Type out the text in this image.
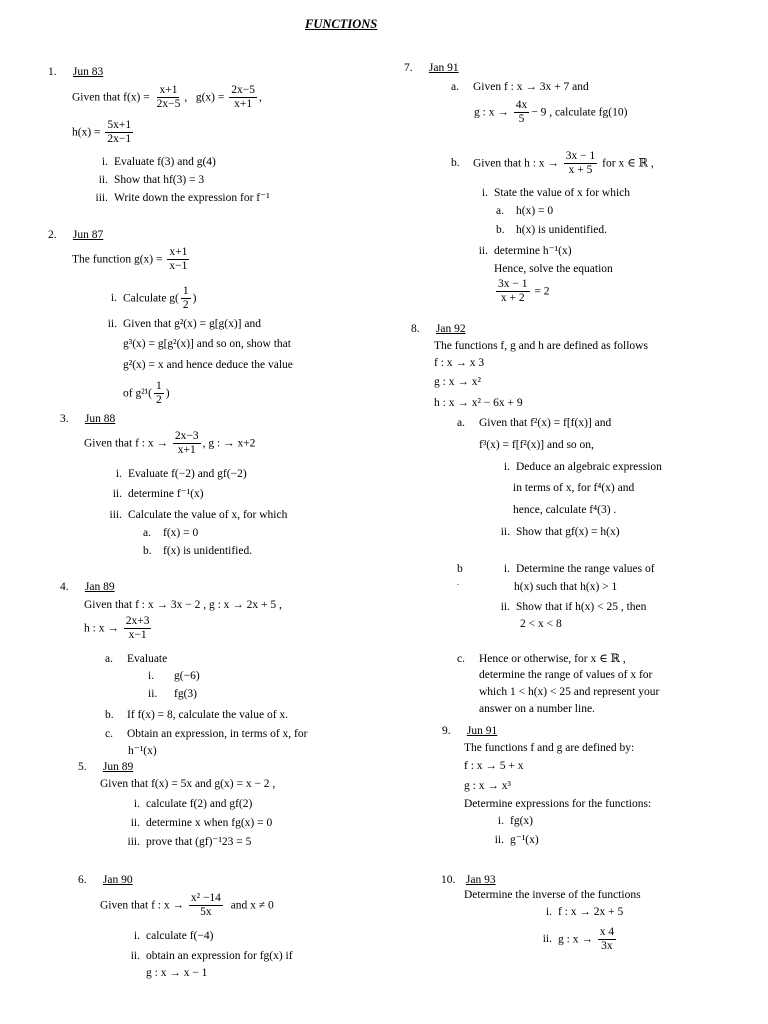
FUNCTIONS
1. Jun 83
Given that $f(x) = \frac{x+1}{2x-5}$ , $g(x) = \frac{2x-5}{x+1}$ ,
$h(x) = \frac{5x+1}{2x-1}$
i. Evaluate f(3) and g(4)
ii. Show that hf(3) = 3
iii. Write down the expression for f⁻¹
2. Jun 87
The function $g(x) = \frac{x+1}{x-1}$
i. Calculate $g( \frac{1}{2}$ )
ii. Given that g²(x) = g[g(x)] and
g³(x) = g[g²(x)] and so on, show that
g²(x) = x and hence deduce the value
of $g^{21}( \frac{1}{2}$ )
3. Jun 88
Given that f : $x \to \frac{2x-3}{x+1}$ , g : → x+2
i. Evaluate f(−2) and gf(−2)
ii. determine f⁻¹(x)
iii. Calculate the value of x, for which
a. f(x) = 0
b. f(x) is unidentified.
4. Jan 89
Given that f : x → 3x − 2 , g : x → 2x + 5 ,
h : $x \to \frac{2x+3}{x-1}$
a. Evaluate
i. g(−6)
ii. fg(3)
b. If f(x) = 8, calculate the value of x.
c. Obtain an expression, in terms of x, for
h⁻¹(x)
5. Jun 89
Given that f(x) = 5x and g(x) = x − 2 ,
i. calculate f(2) and gf(2)
ii. determine x when fg(x) = 0
iii. prove that (gf)⁻¹23 = 5
6. Jan 90
Given that f : $x \to \frac{\text{x² −14}}{5x}$ and x ≠ 0
i. calculate f(−4)
ii. obtain an expression for fg(x) if
g : x → x − 1
7. Jan 91
a. Given f : x → 3x + 7 and
g : $x \to \frac{4x}{5} - 9$ , calculate fg(10)
b. Given that h : $x \to \frac{3x - 1}{x + 5}$ for x ∈ ℝ ,
i. State the value of x for which
a. h(x) = 0
b. h(x) is unidentified.
ii. determine h⁻¹(x)
Hence, solve the equation
$\frac{3x - 1}{x + 2} = 2$
8. Jan 92
The functions f, g and h are defined as follows
f : x → x 3
g : x → x²
h : x → x² − 6x + 9
a. Given that f²(x) = f[f(x)] and
f³(x) = f[f²(x)] and so on,
i. Deduce an algebraic expression
in terms of x, for f⁴(x) and
hence, calculate f⁴(3) .
ii. Show that gf(x) = h(x)
b
.
i. Determine the range values of
h(x) such that h(x) > 1
ii. Show that if h(x) < 25 , then
2 < x < 8
c. Hence or otherwise, for x ∈ ℝ ,
determine the range of values of x for
which 1 < h(x) < 25 and represent your
answer on a number line.
9. Jun 91
The functions f and g are defined by:
f : x → 5 + x
g : x → x³
Determine expressions for the functions:
i. fg(x)
ii. g⁻¹(x)
10. Jan 93
Determine the inverse of the functions
i. f : x → 2x + 5
ii. g : $x \to \frac{x 4}{3x}$
